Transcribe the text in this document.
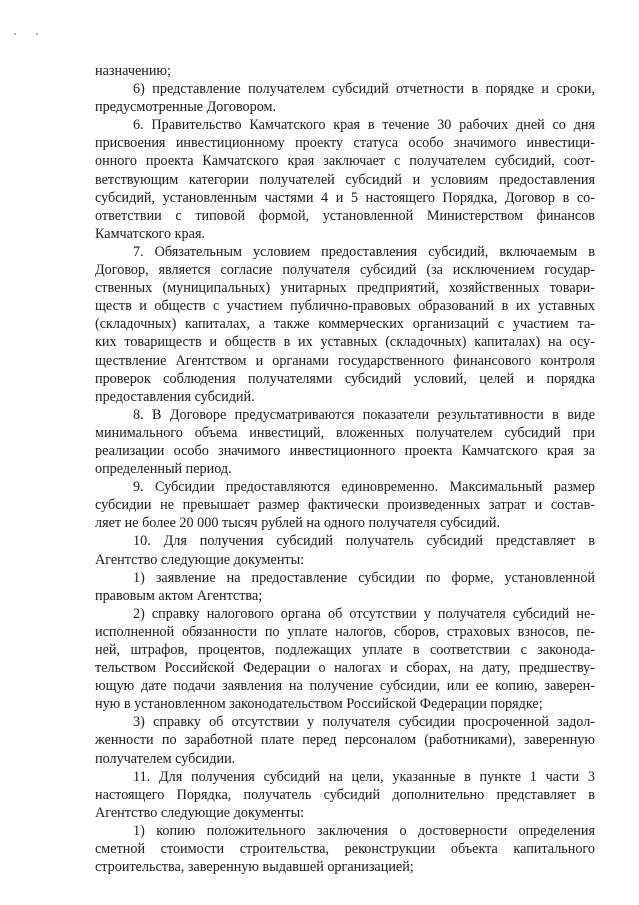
назначению;
6) представление получателем субсидий отчетности в порядке и сроки,
предусмотренные Договором.
6. Правительство Камчатского края в течение 30 рабочих дней со дня
присвоения инвестиционному проекту статуса особо значимого инвестици-
онного проекта Камчатского края заключает с получателем субсидий, соот-
ветствующим категории получателей субсидий и условиям предоставления
субсидий, установленным частями 4 и 5 настоящего Порядка, Договор в со-
ответствии с типовой формой, установленной Министерством финансов
Камчатского края.
7. Обязательным условием предоставления субсидий, включаемым в
Договор, является согласие получателя субсидий (за исключением государ-
ственных (муниципальных) унитарных предприятий, хозяйственных товари-
ществ и обществ с участием публично-правовых образований в их уставных
(складочных) капиталах, а также коммерческих организаций с участием та-
ких товариществ и обществ в их уставных (складочных) капиталах) на осу-
ществление Агентством и органами государственного финансового контроля
проверок соблюдения получателями субсидий условий, целей и порядка
предоставления субсидий.
8. В Договоре предусматриваются показатели результативности в виде
минимального объема инвестиций, вложенных получателем субсидий при
реализации особо значимого инвестиционного проекта Камчатского края за
определенный период.
9. Субсидии предоставляются единовременно. Максимальный размер
субсидии не превышает размер фактически произведенных затрат и состав-
ляет не более 20 000 тысяч рублей на одного получателя субсидий.
10. Для получения субсидий получатель субсидий представляет в
Агентство следующие документы:
1) заявление на предоставление субсидии по форме, установленной
правовым актом Агентства;
2) справку налогового органа об отсутствии у получателя субсидий не-
исполненной обязанности по уплате налогов, сборов, страховых взносов, пе-
ней, штрафов, процентов, подлежащих уплате в соответствии с законода-
тельством Российской Федерации о налогах и сборах, на дату, предшеству-
ющую дате подачи заявления на получение субсидии, или ее копию, заверен-
ную в установленном законодательством Российской Федерации порядке;
3) справку об отсутствии у получателя субсидии просроченной задол-
женности по заработной плате перед персоналом (работниками), заверенную
получателем субсидии.
11. Для получения субсидий на цели, указанные в пункте 1 части 3
настоящего Порядка, получатель субсидий дополнительно представляет в
Агентство следующие документы:
1) копию положительного заключения о достоверности определения
сметной стоимости строительства, реконструкции объекта капитального
строительства, заверенную выдавшей организацией;
